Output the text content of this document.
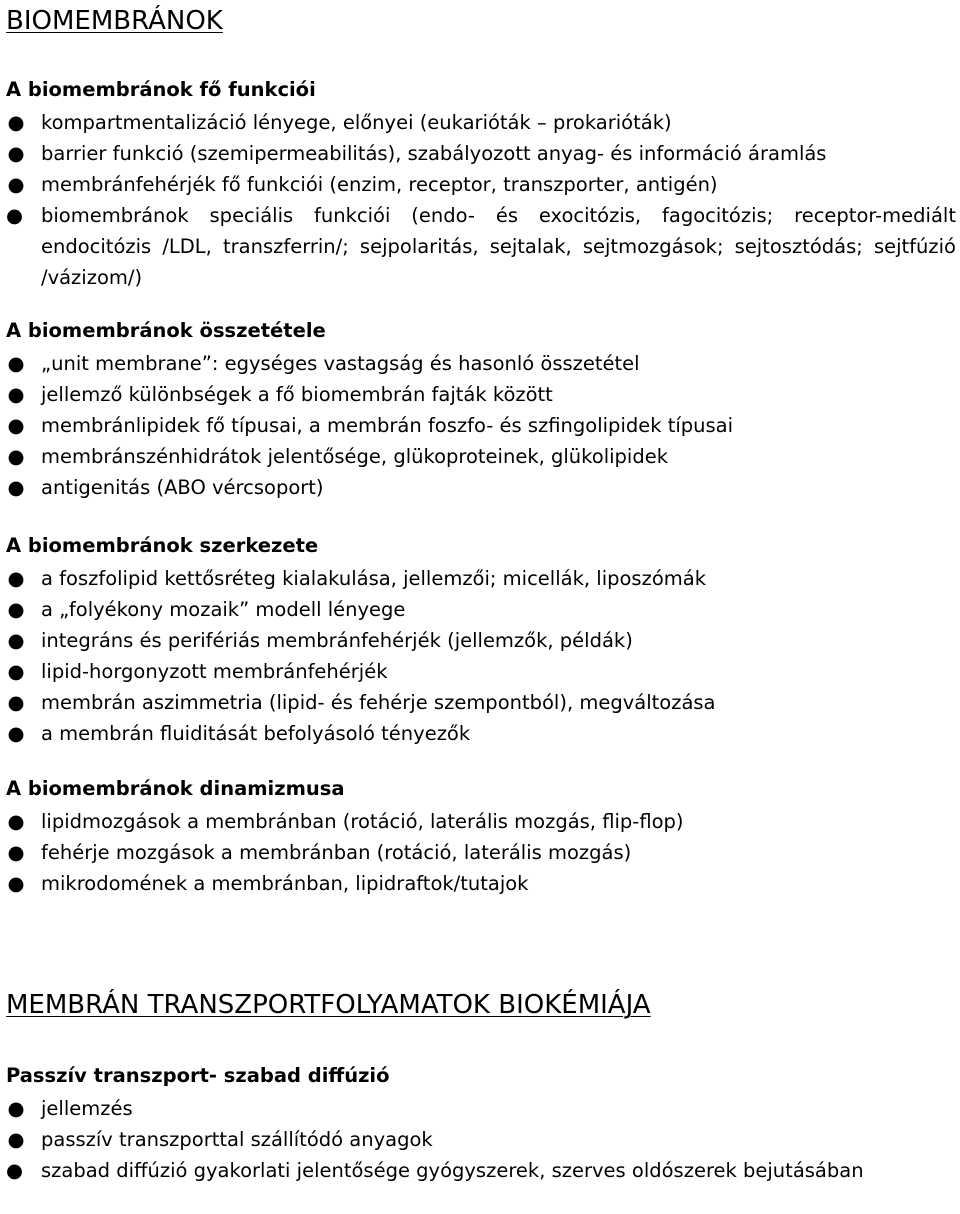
BIOMEMBRÁNOK
A biomembránok fő funkciói
● kompartmentalizáció lényege, előnyei (eukarióták – prokarióták)
● barrier funkció (szemipermeabilitás), szabályozott anyag- és információ áramlás
● membránfehérjék fő funkciói (enzim, receptor, transzporter, antigén)
● biomembránok speciális funkciói (endo- és exocitózis, fagocitózis; receptor-mediált endocitózis /LDL, transzferrin/; sejpolaritás, sejtalak, sejtmozgások; sejtosztódás; sejtfúzió /vázizom/)
A biomembránok összetétele
● „unit membrane”: egységes vastagság és hasonló összetétel
● jellemző különbségek a fő biomembrán fajták között
● membránlipidek fő típusai, a membrán foszfo- és szfingolipidek típusai
● membránszénhidrátok jelentősége, glükoproteinek, glükolipidek
● antigenitás (ABO vércsoport)
A biomembránok szerkezete
● a foszfolipid kettősréteg kialakulása, jellemzői; micellák, liposzómák
● a „folyékony mozaik” modell lényege
● integráns és perifériás membránfehérjék (jellemzők, példák)
● lipid-horgonyzott membránfehérjék
● membrán aszimmetria (lipid- és fehérje szempontból), megváltozása
● a membrán fluiditását befolyásoló tényezők
A biomembránok dinamizmusa
● lipidmozgások a membránban (rotáció, laterális mozgás, flip-flop)
● fehérje mozgások a membránban (rotáció, laterális mozgás)
● mikrodomének a membránban, lipidraftok/tutajok
MEMBRÁN TRANSZPORTFOLYAMATOK BIOKÉMIÁJA
Passzív transzport- szabad diffúzió
● jellemzés
● passzív transzporttal szállítódó anyagok
● szabad diffúzió gyakorlati jelentősége gyógyszerek, szerves oldószerek bejutásában
